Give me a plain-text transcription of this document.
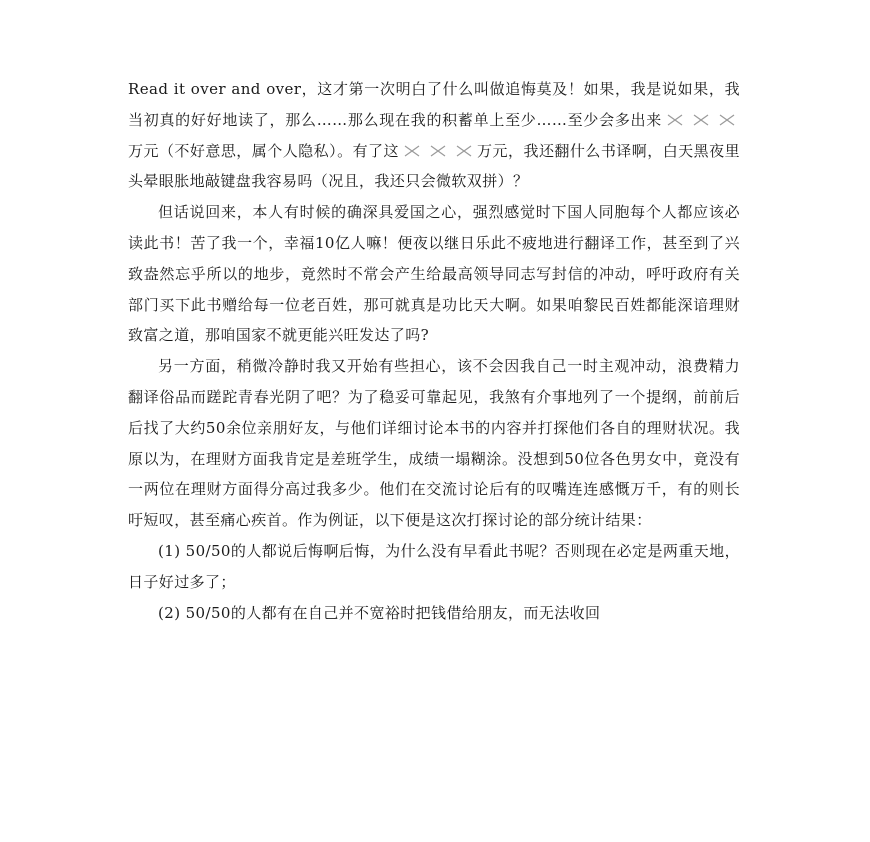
Read it over and over，这才第一次明白了什么叫做追悔莫及！如果，我是说如果，我当初真的好好地读了，那么……那么现在我的积蓄单上至少……至少会多出来
万元（不好意思，属个人隐私）。有了这	万元，我还翻什么书译啊，白天黑夜里头晕眼胀地敲键盘我容易吗（况且，我还只会微软双拼）？

但话说回来，本人有时候的确深具爱国之心，强烈感觉时下国人同胞每个人都应该必读此书！苦了我一个，幸福10亿人嘛！便夜以继日乐此不疲地进行翻译工作，甚至到了兴致盎然忘乎所以的地步，竟然时不常会产生给最高领导同志写封信的冲动，呼吁政府有关部门买下此书赠给每一位老百姓，那可就真是功比天大啊。如果咱黎民百姓都能深谙理财致富之道，那咱国家不就更能兴旺发达了吗?

另一方面，稍微冷静时我又开始有些担心，该不会因我自己一时主观冲动，浪费精力翻译俗品而蹉跎青春光阴了吧？为了稳妥可靠起见，我煞有介事地列了一个提纲，前前后后找了大约50余位亲朋好友，与他们详细讨论本书的内容并打探他们各自的理财状况。我原以为，在理财方面我肯定是差班学生，成绩一塌糊涂。没想到50位各色男女中，竟没有一两位在理财方面得分高过我多少。他们在交流讨论后有的叹嘴连连感慨万千，有的则长吁短叹，甚至痛心疾首。作为例证，以下便是这次打探讨论的部分统计结果：

(1) 50/50的人都说后悔啊后悔，为什么没有早看此书呢？否则现在必定是两重天地，日子好过多了；

(2) 50/50的人都有在自己并不宽裕时把钱借给朋友，而无法收回
